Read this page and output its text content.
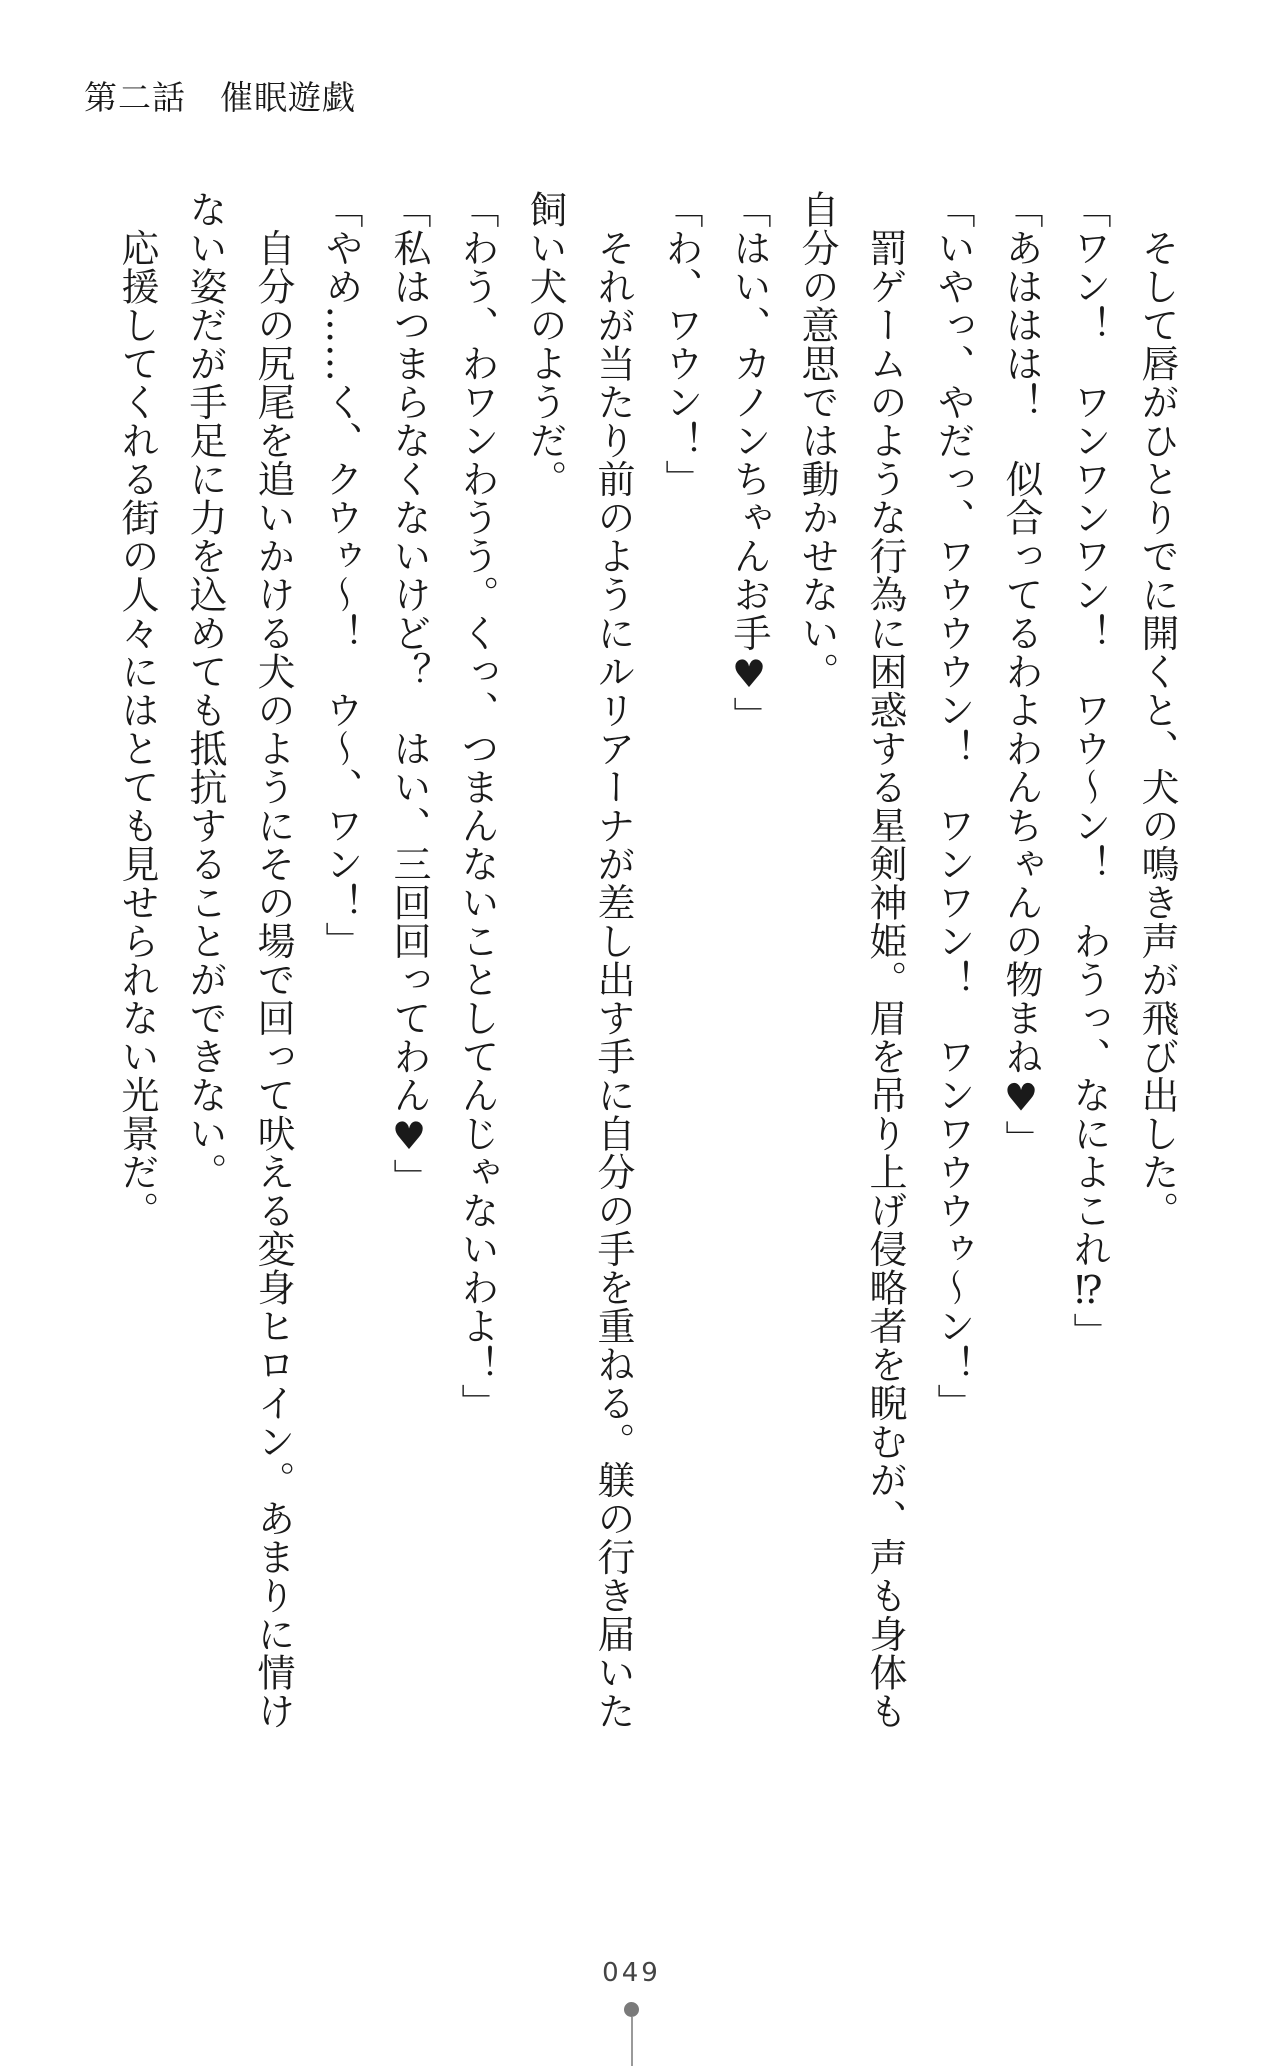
第二話　催眠遊戯
　そして唇がひとりでに開くと、犬の鳴き声が飛び出した。
「ワン！　ワンワンワン！　ワウ～ン！　わうっ、なによこれ⁉」
「あははは！　似合ってるわよわんちゃんの物まね♥」
「いやっ、やだっ、ワウウウン！　ワンワン！　ワンワウウゥ～ン！」
　罰ゲームのような行為に困惑する星剣神姫。眉を吊り上げ侵略者を睨むが、声も身体も
自分の意思では動かせない。
「はい、カノンちゃんお手♥」
「わ、ワウン！」
　それが当たり前のようにルリアーナが差し出す手に自分の手を重ねる。躾の行き届いた
飼い犬のようだ。
「わう、わワンわうう。くっ、つまんないことしてんじゃないわよ！」
「私はつまらなくないけど？　はい、三回回ってわん♥」
「やめ……く、クウゥ～！　ウ～、ワン！」
　自分の尻尾を追いかける犬のようにその場で回って吠える変身ヒロイン。あまりに情け
ない姿だが手足に力を込めても抵抗することができない。
　応援してくれる街の人々にはとても見せられない光景だ。
049
